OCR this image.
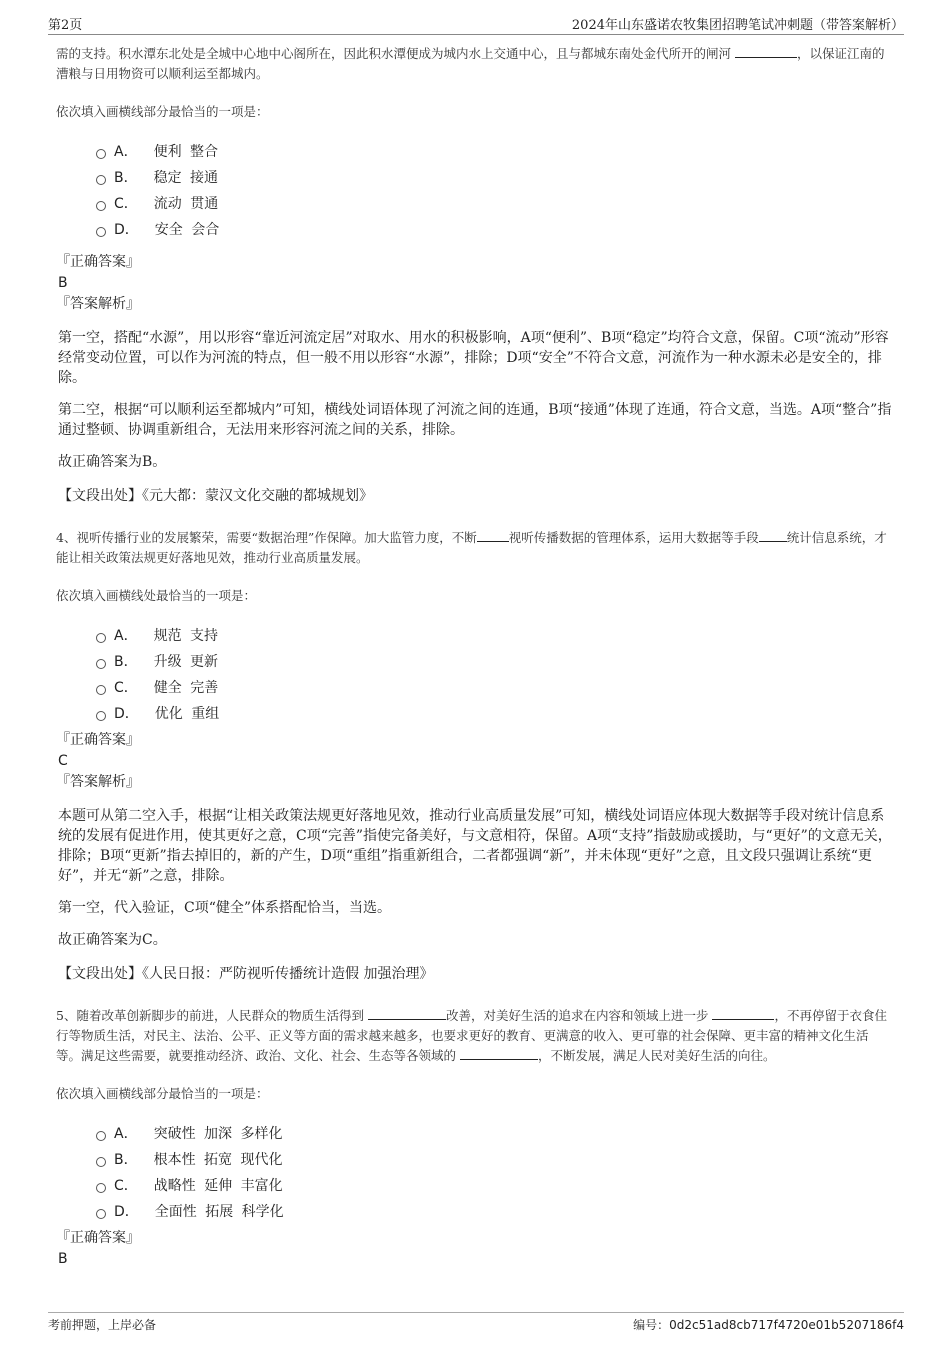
第2页	2024年山东盛诺农牧集团招聘笔试冲刺题（带答案解析）

需的支持。积水潭东北处是全城中心地中心阁所在，因此积水潭便成为城内水上交通中心，且与都城东南处金代所开的闸河	，以保证江南的漕粮与日用物资可以顺利运至都城内。

依次填入画横线部分最恰当的一项是：

A． 便利 整合
B． 稳定 接通
C． 流动 贯通
D． 安全 会合

『正确答案』

B

『答案解析』

第一空，搭配“水源”，用以形容“靠近河流定居”对取水、用水的积极影响，A项“便利”、B项“稳定”均符合文意，保留。C项“流动”形容经常变动位置，可以作为河流的特点，但一般不用以形容“水源”，排除；D项“安全”不符合文意，河流作为一种水源未必是安全的，排除。

第二空，根据“可以顺利运至都城内”可知，横线处词语体现了河流之间的连通，B项“接通”体现了连通，符合文意，当选。A项“整合”指通过整顿、协调重新组合，无法用来形容河流之间的关系，排除。

故正确答案为B。

【文段出处】《元大都：蒙汉文化交融的都城规划》

4、视听传播行业的发展繁荣，需要“数据治理”作保障。加大监管力度，不断	视听传播数据的管理体系，运用大数据等手段 统计信息系统，才能让相关政策法规更好落地见效，推动行业高质量发展。

依次填入画横线处最恰当的一项是：

A． 规范 支持
B． 升级 更新
C． 健全 完善
D． 优化 重组

『正确答案』

C

『答案解析』

本题可从第二空入手，根据“让相关政策法规更好落地见效，推动行业高质量发展”可知，横线处词语应体现大数据等手段对统计信息系统的发展有促进作用，使其更好之意，C项“完善”指使完备美好，与文意相符，保留。A项“支持”指鼓励或援助，与“更好”的文意无关，排除；B项“更新”指去掉旧的，新的产生，D项“重组”指重新组合，二者都强调“新”，并未体现“更好”之意，且文段只强调让系统“更好”，并无“新”之意，排除。

第一空，代入验证，C项“健全”体系搭配恰当，当选。

故正确答案为C。

【文段出处】《人民日报：严防视听传播统计造假 加强治理》

5、随着改革创新脚步的前进，人民群众的物质生活得到	改善，对美好生活的追求在内容和领域上进一步	，不再停留于衣食住行等物质生活，对民主、法治、公平、正义等方面的需求越来越多，也要求更好的教育、更满意的收入、更可靠的社会保障、更丰富的精神文化生活等。满足这些需要，就要推动经济、政治、文化、社会、生态等各领域的	，不断发展，满足人民对美好生活的向往。

依次填入画横线部分最恰当的一项是：

A． 突破性 加深 多样化
B． 根本性 拓宽 现代化
C． 战略性 延伸 丰富化
D． 全面性 拓展 科学化

『正确答案』

B

考前押题，上岸必备	编号：0d2c51ad8cb717f4720e01b5207186f4
